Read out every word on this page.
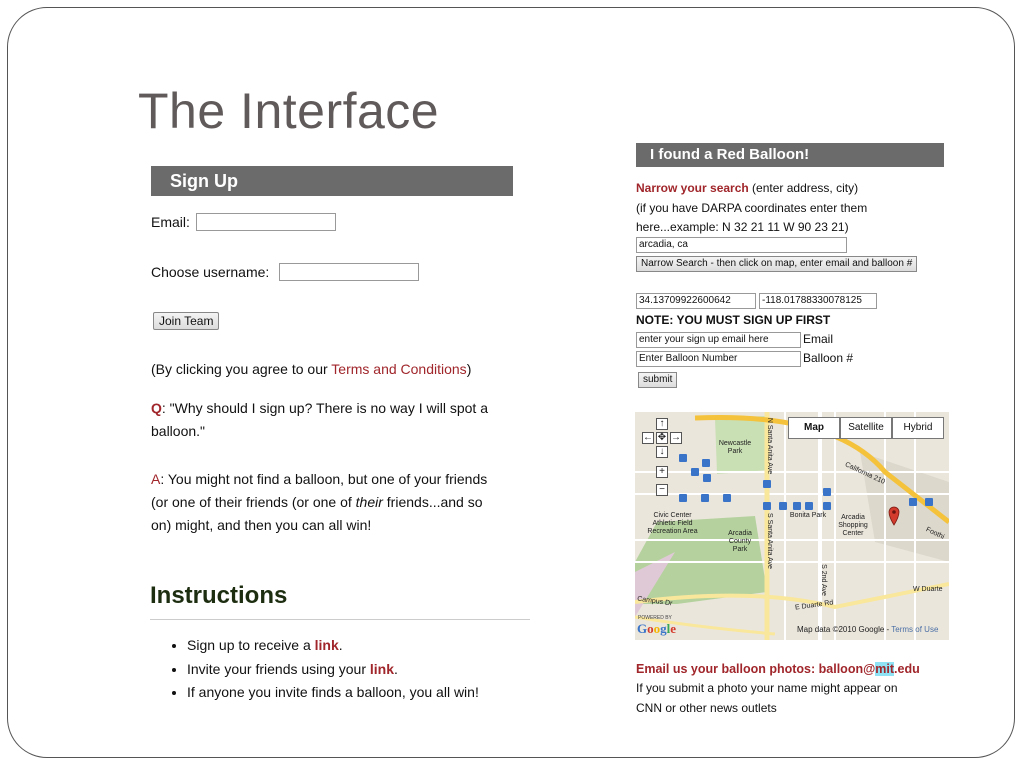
The Interface
Sign Up
Email:
Choose username:
Join Team
(By clicking you agree to our Terms and Conditions)
Q: "Why should I sign up? There is no way I will spot a balloon."
A: You might not find a balloon, but one of your friends (or one of their friends (or one of their friends...and so on) might, and then you can all win!
Instructions
• Sign up to receive a link.
• Invite your friends using your link.
• If anyone you invite finds a balloon, you all win!
I found a Red Balloon!
Narrow your search (enter address, city)
(if you have DARPA coordinates enter them here...example: N 32 21 11 W 90 23 21)
arcadia, ca
Narrow Search - then click on map, enter email and balloon #
34.13709922600642	-118.01788330078125
NOTE: YOU MUST SIGN UP FIRST
enter your sign up email here	Email
Enter Balloon Number	Balloon #
submit
Newcastle Park
Civic Center Athletic Field Recreation Area	Arcadia County Park
Bonita Park	Arcadia Shopping Center
N Santa Anita Ave
S Santa Anita Ave
S 2nd Ave
California 210
Foothi
W Duarte
E Duarte Rd
Campus Dr
Map	Satellite	Hybrid
↑
← ✥ →
↓
+
−
POWERED BY
Google	Map data ©2010 Google - Terms of Use
Email us your balloon photos: balloon@mit.edu
If you submit a photo your name might appear on CNN or other news outlets
